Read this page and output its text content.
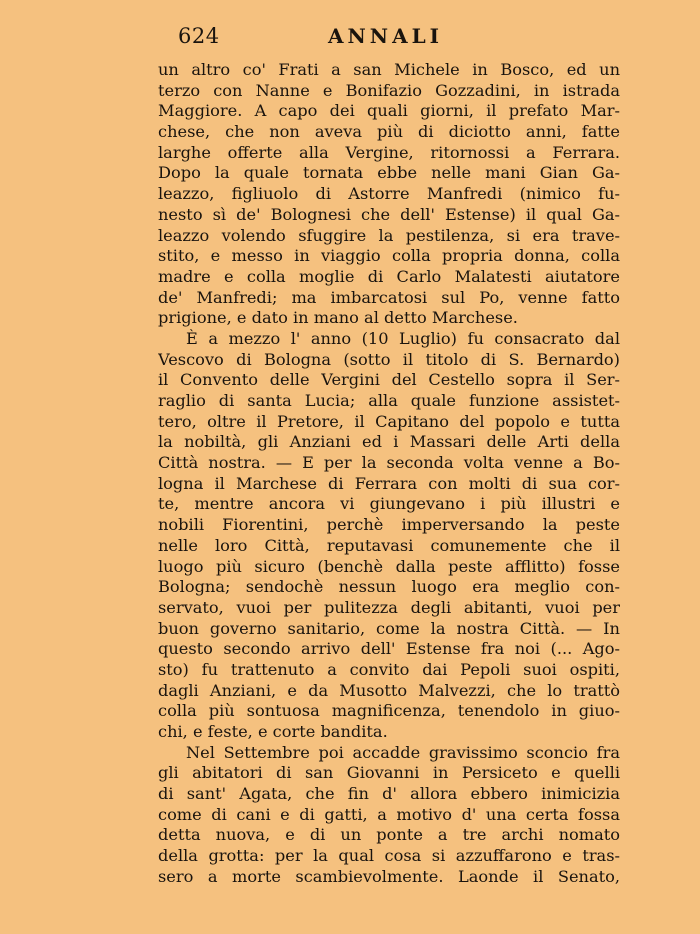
624	ANNALI
un altro co' Frati a san Michele in Bosco, ed un
terzo con Nanne e Bonifazio Gozzadini, in istrada
Maggiore. A capo dei quali giorni, il prefato Mar-
chese, che non aveva più di diciotto anni, fatte
larghe offerte alla Vergine, ritornossi a Ferrara.
Dopo la quale tornata ebbe nelle mani Gian Ga-
leazzo, figliuolo di Astorre Manfredi (nimico fu-
nesto sì de' Bolognesi che dell' Estense) il qual Ga-
leazzo volendo sfuggire la pestilenza, si era trave-
stito, e messo in viaggio colla propria donna, colla
madre e colla moglie di Carlo Malatesti aiutatore
de' Manfredi; ma imbarcatosi sul Po, venne fatto
prigione, e dato in mano al detto Marchese.
È a mezzo l' anno (10 Luglio) fu consacrato dal
Vescovo di Bologna (sotto il titolo di S. Bernardo)
il Convento delle Vergini del Cestello sopra il Ser-
raglio di santa Lucia; alla quale funzione assistet-
tero, oltre il Pretore, il Capitano del popolo e tutta
la nobiltà, gli Anziani ed i Massari delle Arti della
Città nostra. — E per la seconda volta venne a Bo-
logna il Marchese di Ferrara con molti di sua cor-
te, mentre ancora vi giungevano i più illustri e
nobili Fiorentini, perchè imperversando la peste
nelle loro Città, reputavasi comunemente che il
luogo più sicuro (benchè dalla peste afflitto) fosse
Bologna; sendochè nessun luogo era meglio con-
servato, vuoi per pulitezza degli abitanti, vuoi per
buon governo sanitario, come la nostra Città. — In
questo secondo arrivo dell' Estense fra noi (... Ago-
sto) fu trattenuto a convito dai Pepoli suoi ospiti,
dagli Anziani, e da Musotto Malvezzi, che lo trattò
colla più sontuosa magnificenza, tenendolo in giuo-
chi, e feste, e corte bandita.
Nel Settembre poi accadde gravissimo sconcio fra
gli abitatori di san Giovanni in Persiceto e quelli
di sant' Agata, che fin d' allora ebbero inimicizia
come di cani e di gatti, a motivo d' una certa fossa
detta nuova, e di un ponte a tre archi nomato
della grotta: per la qual cosa si azzuffarono e tras-
sero a morte scambievolmente. Laonde il Senato,
